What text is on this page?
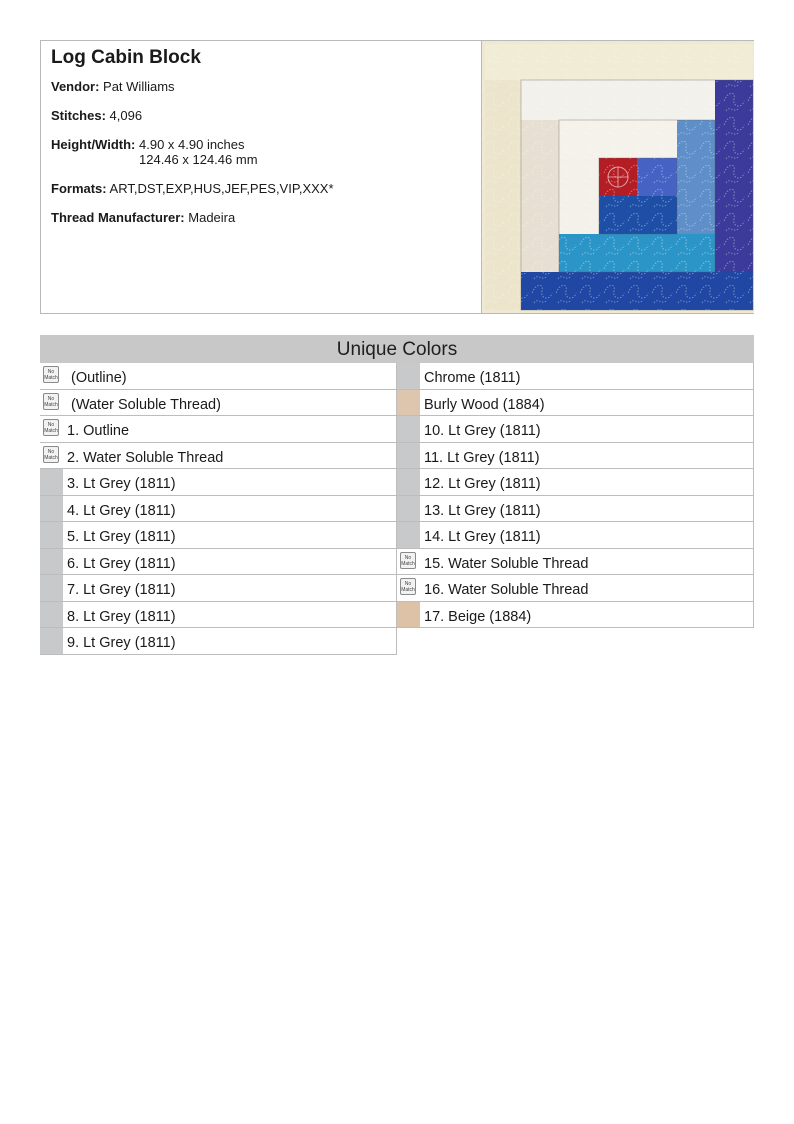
Log Cabin Block
Vendor: Pat Williams
Stitches: 4,096
Height/Width: 4.90 x 4.90 inches
124.46 x 124.46 mm
Formats: ART,DST,EXP,HUS,JEF,PES,VIP,XXX*
Thread Manufacturer: Madeira
Unique Colors
No Match (Outline)
No Match (Water Soluble Thread)
No Match 1. Outline
No Match 2. Water Soluble Thread
3. Lt Grey (1811)
4. Lt Grey (1811)
5. Lt Grey (1811)
6. Lt Grey (1811)
7. Lt Grey (1811)
8. Lt Grey (1811)
9. Lt Grey (1811)
Chrome (1811)
Burly Wood (1884)
10. Lt Grey (1811)
11. Lt Grey (1811)
12. Lt Grey (1811)
13. Lt Grey (1811)
14. Lt Grey (1811)
No Match 15. Water Soluble Thread
No Match 16. Water Soluble Thread
17. Beige (1884)
